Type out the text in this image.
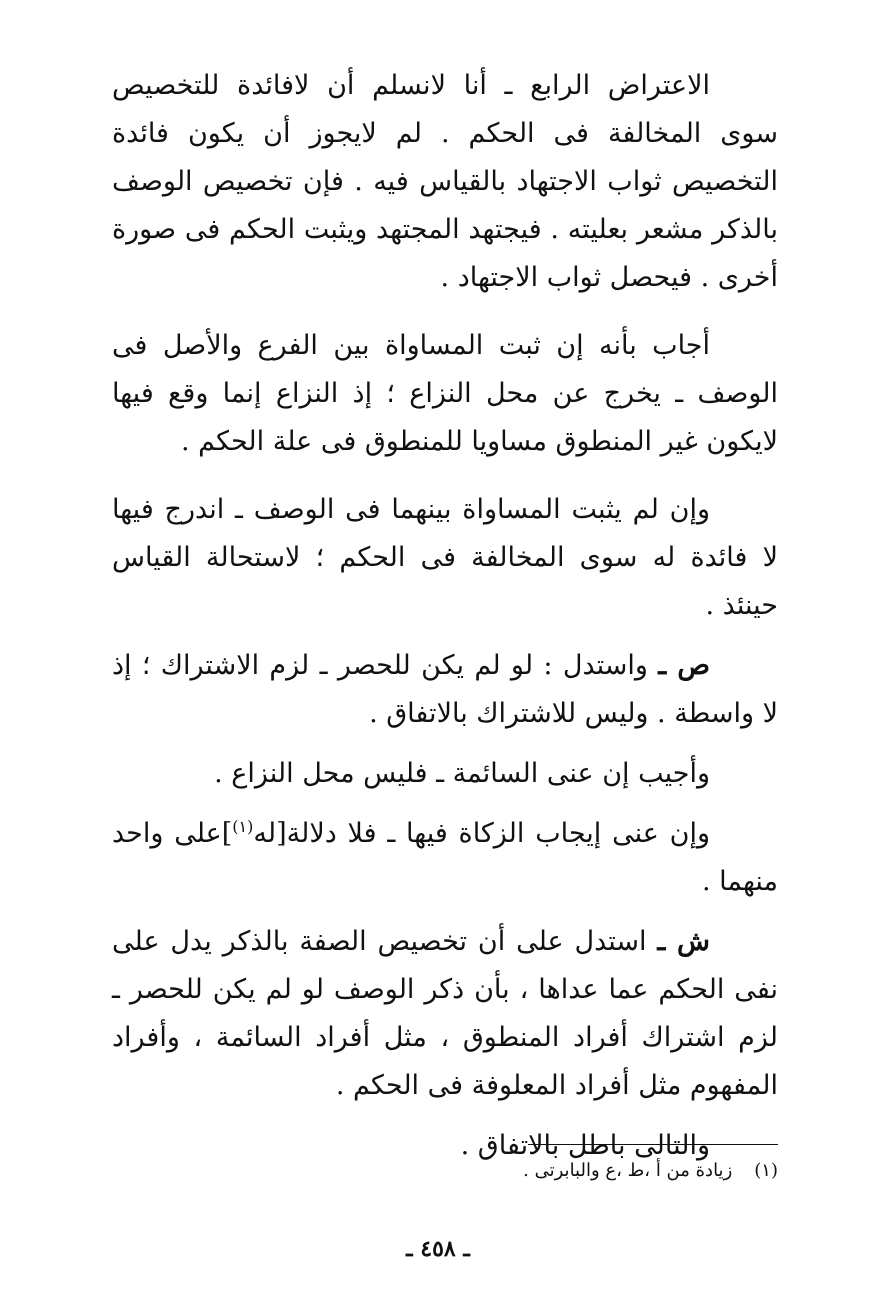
الاعتراض الرابع ـ أنا لانسلم أن لافائدة للتخصيص سوى المخالفة فى الحكم . لم لايجوز أن يكون فائدة التخصيص ثواب الاجتهاد بالقياس فيه . فإن تخصيص الوصف بالذكر مشعر بعليته . فيجتهد المجتهد ويثبت الحكم فى صورة أخرى . فيحصل ثواب الاجتهاد .

أجاب بأنه إن ثبت المساواة بين الفرع والأصل فى الوصف ـ يخرج عن محل النزاع ؛ إذ النزاع إنما وقع فيها لايكون غير المنطوق مساويا للمنطوق فى علة الحكم .

وإن لم يثبت المساواة بينهما فى الوصف ـ اندرج فيها لا فائدة له سوى المخالفة فى الحكم ؛ لاستحالة القياس حينئذ .

ص ـ واستدل : لو لم يكن للحصر ـ لزم الاشتراك ؛ إذ لا واسطة . وليس للاشتراك بالاتفاق .

وأجيب إن عنى السائمة ـ فليس محل النزاع .

وإن عنى إيجاب الزكاة فيها ـ فلا دلالة[له$^{(١)}$]على واحد منهما .

ش ـ استدل على أن تخصيص الصفة بالذكر يدل على نفى الحكم عما عداها ، بأن ذكر الوصف لو لم يكن للحصر ـ لزم اشتراك أفراد المنطوق ، مثل أفراد السائمة ، وأفراد المفهوم مثل أفراد المعلوفة فى الحكم .

والتالى باطل بالاتفاق .

(١)زيادة من أ ،ط ،ع والبابرتى .
ـ ٤٥٨ ـ
